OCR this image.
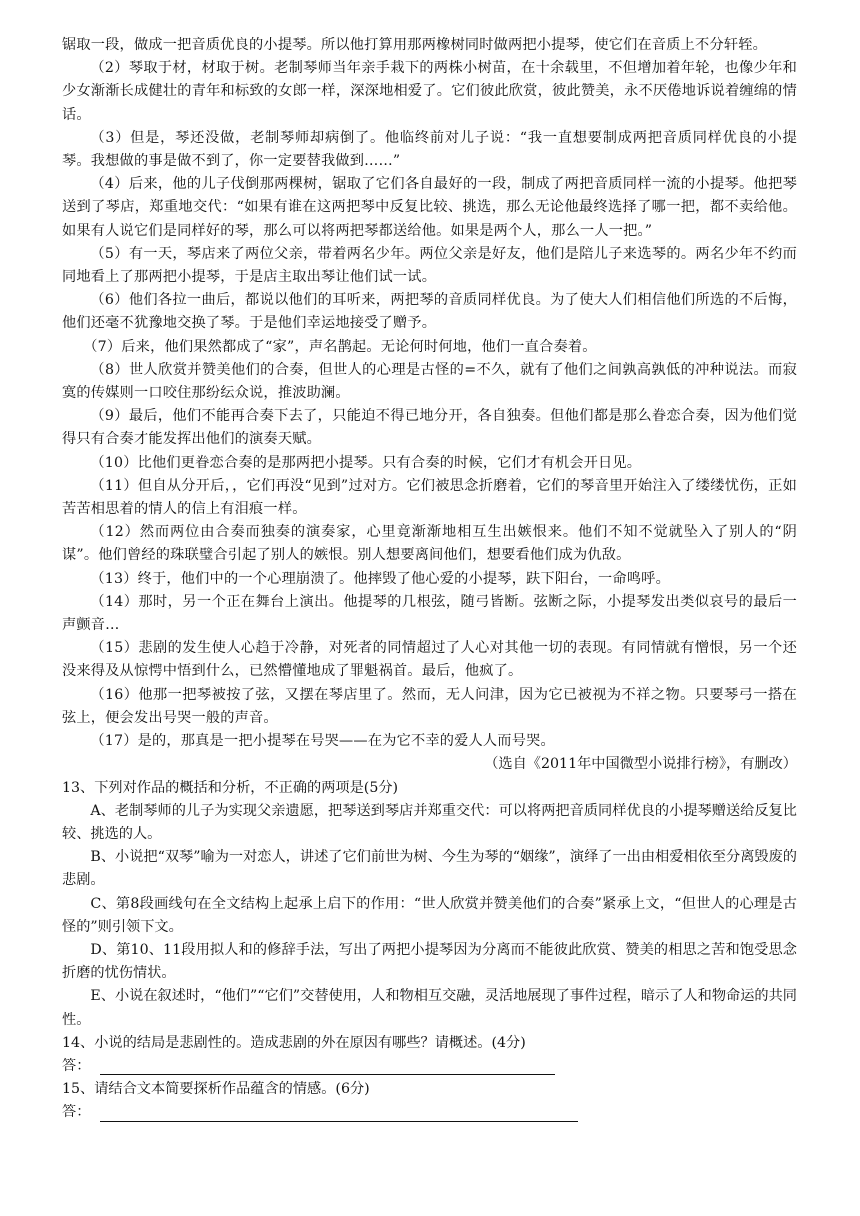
锯取一段，做成一把音质优良的小提琴。所以他打算用那两橡树同时做两把小提琴，使它们在音质上不分轩轾。

（2）琴取于材，材取于树。老制琴师当年亲手栽下的两株小树苗，在十余载里，不但增加着年轮，也像少年和少女渐渐长成健壮的青年和标致的女郎一样，深深地相爱了。它们彼此欣赏，彼此赞美，永不厌倦地诉说着缠绵的情话。

（3）但是，琴还没做，老制琴师却病倒了。他临终前对儿子说：“我一直想要制成两把音质同样优良的小提琴。我想做的事是做不到了，你一定要替我做到……”

（4）后来，他的儿子伐倒那两棵树，锯取了它们各自最好的一段，制成了两把音质同样一流的小提琴。他把琴送到了琴店，郑重地交代：“如果有谁在这两把琴中反复比较、挑选，那么无论他最终选择了哪一把，都不卖给他。如果有人说它们是同样好的琴，那么可以将两把琴都送给他。如果是两个人，那么一人一把。”

（5）有一天，琴店来了两位父亲，带着两名少年。两位父亲是好友，他们是陪儿子来选琴的。两名少年不约而同地看上了那两把小提琴，于是店主取出琴让他们试一试。

（6）他们各拉一曲后，都说以他们的耳听来，两把琴的音质同样优良。为了使大人们相信他们所选的不后悔，他们还毫不犹豫地交换了琴。于是他们幸运地接受了赠予。

（7）后来，他们果然都成了“家”，声名鹊起。无论何时何地，他们一直合奏着。

（8）世人欣赏并赞美他们的合奏，但世人的心理是古怪的=不久，就有了他们之间孰高孰低的冲种说法。而寂寞的传媒则一口咬住那纷纭众说，推波助澜。

（9）最后，他们不能再合奏下去了，只能迫不得已地分开，各自独奏。但他们都是那么眷恋合奏，因为他们觉得只有合奏才能发挥出他们的演奏天赋。

（10）比他们更眷恋合奏的是那两把小提琴。只有合奏的时候，它们才有机会开日见。

（11）但自从分开后，，它们再没“见到”过对方。它们被思念折磨着，它们的琴音里开始注入了缕缕忧伤，正如苦苦相思着的情人的信上有泪痕一样。

（12）然而两位由合奏而独奏的演奏家，心里竟渐渐地相互生出嫉恨来。他们不知不觉就坠入了别人的“阴谋”。他们曾经的珠联璧合引起了别人的嫉恨。别人想要离间他们，想要看他们成为仇敌。

（13）终于，他们中的一个心理崩溃了。他摔毁了他心爱的小提琴，趺下阳台，一命鸣呼。

（14）那时，另一个正在舞台上演出。他提琴的几根弦，随弓皆断。弦断之际，小提琴发出类似哀号的最后一声颤音…

（15）悲剧的发生使人心趋于冷静，对死者的同情超过了人心对其他一切的表现。有同情就有憎恨，另一个还没来得及从惊愕中悟到什么，已然懵懂地成了罪魁祸首。最后，他疯了。

（16）他那一把琴被按了弦，又摆在琴店里了。然而，无人问津，因为它已被视为不祥之物。只要琴弓一搭在弦上，便会发出号哭一般的声音。

（17）是的，那真是一把小提琴在号哭——在为它不幸的爱人人而号哭。

（选自《2011年中国微型小说排行榜》，有删改）

13、下列对作品的概括和分析，不正确的两项是(5分)

A、老制琴师的儿子为实现父亲遗愿，把琴送到琴店并郑重交代：可以将两把音质同样优良的小提琴赠送给反复比较、挑选的人。

B、小说把“双琴”喻为一对恋人，讲述了它们前世为树、今生为琴的“姻缘”，演绎了一出由相爱相依至分离毁废的悲剧。

C、第8段画线句在全文结构上起承上启下的作用：“世人欣赏并赞美他们的合奏”紧承上文，“但世人的心理是古怪的”则引领下文。

D、第10、11段用拟人和的修辞手法，写出了两把小提琴因为分离而不能彼此欣赏、赞美的相思之苦和饱受思念折磨的忧伤情状。

E、小说在叙述时，“他们”“它们”交替使用，人和物相互交融，灵活地展现了事件过程，暗示了人和物命运的共同性。

14、小说的结局是悲剧性的。造成悲剧的外在原因有哪些？请概述。(4分)

答：

15、请结合文本简要探析作品蕴含的情感。(6分)

答：
